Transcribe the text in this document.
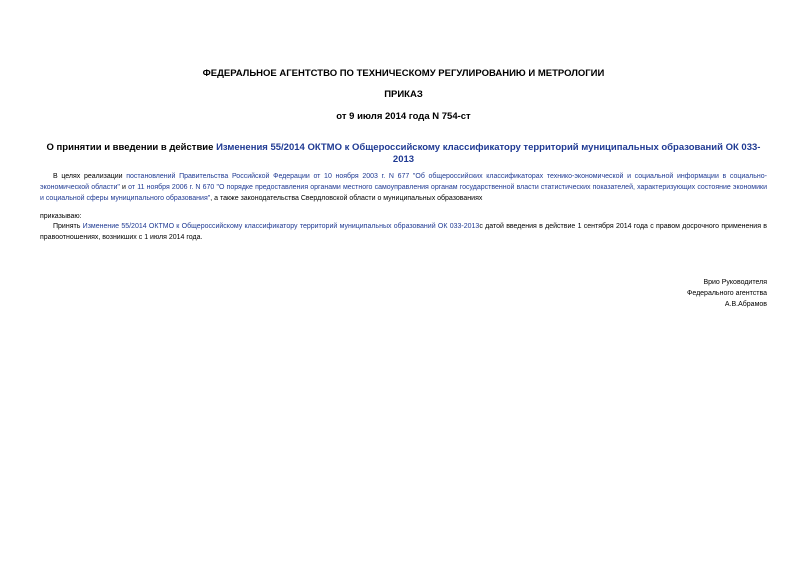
ФЕДЕРАЛЬНОЕ АГЕНТСТВО ПО ТЕХНИЧЕСКОМУ РЕГУЛИРОВАНИЮ И МЕТРОЛОГИИ
ПРИКАЗ
от 9 июля 2014 года N 754-ст
О принятии и введении в действие Изменения 55/2014 ОКТМО к Общероссийскому классификатору территорий муниципальных образований ОК 033-2013
В целях реализации постановлений Правительства Российской Федерации от 10 ноября 2003 г. N 677 "Об общероссийских классификаторах технико-экономической и социальной информации в социально-экономической области" и от 11 ноября 2006 г. N 670 "О порядке предоставления органами местного самоуправления органам государственной власти статистических показателей, характеризующих состояние экономики и социальной сферы муниципального образования", а также законодательства Свердловской области о муниципальных образованиях
приказываю:
Принять Изменение 55/2014 ОКТМО к Общероссийскому классификатору территорий муниципальных образований ОК 033-2013с датой введения в действие 1 сентября 2014 года с правом досрочного применения в правоотношениях, возникших с 1 июля 2014 года.
Врио Руководителя
Федерального агентства
А.В.Абрамов
